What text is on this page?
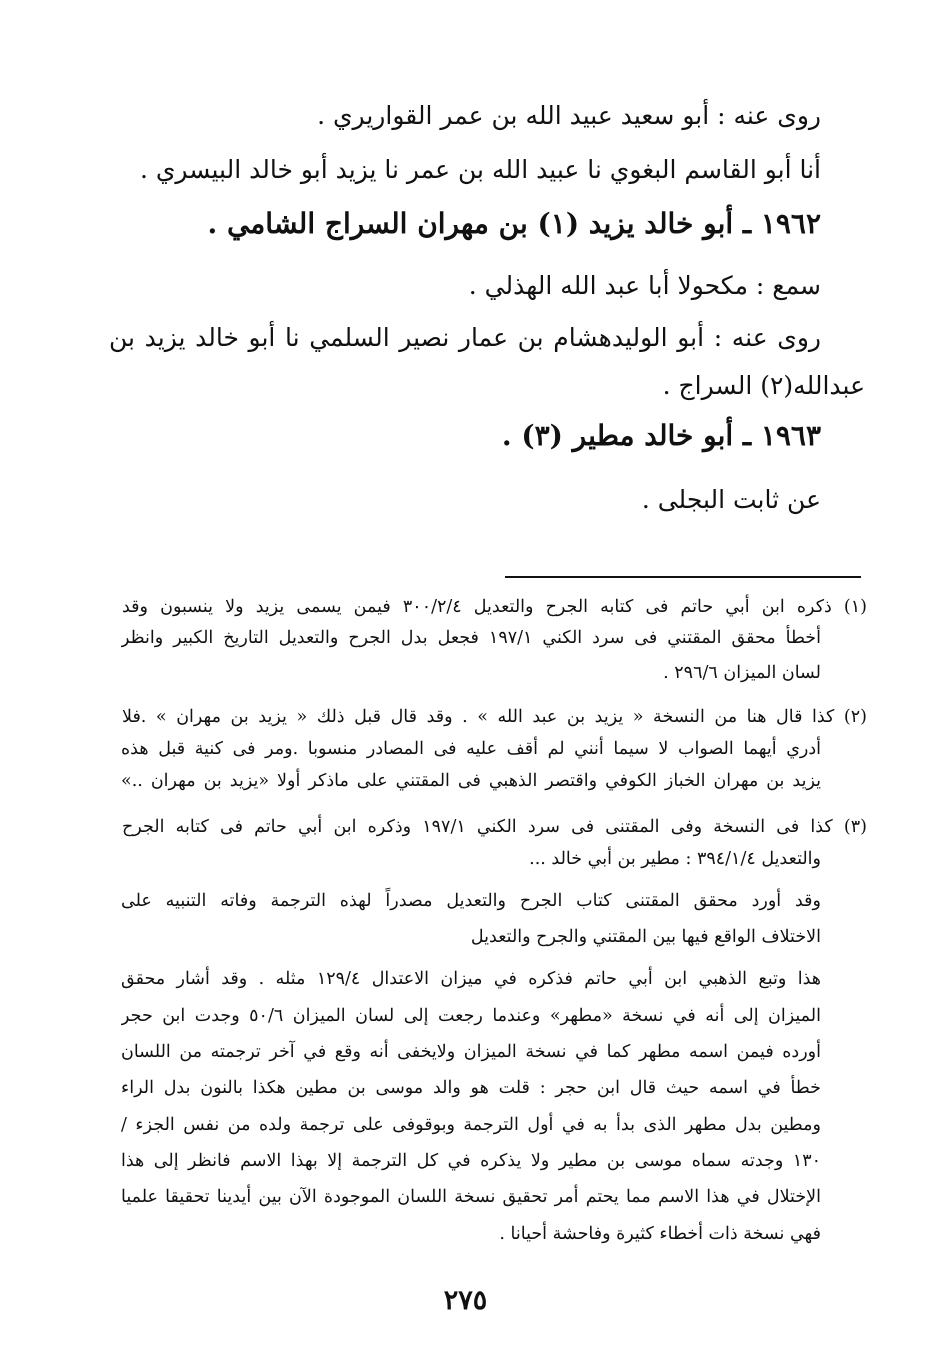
روى عنه : أبو سعيد عبيد الله بن عمر القواريري .
أنا أبو القاسم البغوي نا عبيد الله بن عمر نا يزيد أبو خالد البيسري .
١٩٦٢ ـ أبو خالد يزيد (١) بن مهران السراج الشامي .
سمع : مكحولا أبا عبد الله الهذلي .
روى عنه : أبو الوليدهشام بن عمار نصير السلمي نا أبو خالد يزيد بن
عبدالله(٢) السراج .
١٩٦٣ ـ أبو خالد مطير (٣) .
عن ثابت البجلى .
(١) ذكره ابن أبي حاتم فى كتابه الجرح والتعديل ٣٠٠/٢/٤ فيمن يسمى يزيد ولا ينسبون وقد
أخطأ محقق المقتني فى سرد الكني ١٩٧/١ فجعل بدل الجرح والتعديل التاريخ الكبير وانظر
لسان الميزان ٢٩٦/٦ .
(٢) كذا قال هنا من النسخة « يزيد بن عبد الله » . وقد قال قبل ذلك « يزيد بن مهران » .فلا
أدري أيهما الصواب لا سيما أنني لم أقف عليه فى المصادر منسوبا .ومر فى كنية قبل هذه
يزيد بن مهران الخباز الكوفي واقتصر الذهبي فى المقتني على ماذكر أولا «يزيد بن مهران ..»
(٣) كذا فى النسخة وفى المقتنى فى سرد الكني ١٩٧/١ وذكره ابن أبي حاتم فى كتابه الجرح
والتعديل ٣٩٤/١/٤ : مطير بن أبي خالد ...
وقد أورد محقق المقتنى كتاب الجرح والتعديل مصدراً لهذه الترجمة وفاته التنبيه على
الاختلاف الواقع فيها بين المقتني والجرح والتعديل
هذا وتبع الذهبي ابن أبي حاتم فذكره في ميزان الاعتدال ١٢٩/٤ مثله . وقد أشار محقق
الميزان إلى أنه في نسخة «مطهر» وعندما رجعت إلى لسان الميزان ٥٠/٦ وجدت ابن حجر
أورده فيمن اسمه مطهر كما في نسخة الميزان ولايخفى أنه وقع في آخر ترجمته من اللسان
خطأ في اسمه حيث قال ابن حجر : قلت هو والد موسى بن مطين هكذا بالنون بدل الراء
ومطين بدل مطهر الذى بدأ به في أول الترجمة وبوقوفى على ترجمة ولده من نفس الجزء /
١٣٠ وجدته سماه موسى بن مطير ولا يذكره في كل الترجمة إلا بهذا الاسم فانظر إلى هذا
الإختلال في هذا الاسم مما يحتم أمر تحقيق نسخة اللسان الموجودة الآن بين أيدينا تحقيقا علميا
فهي نسخة ذات أخطاء كثيرة وفاحشة أحيانا .
٢٧٥
